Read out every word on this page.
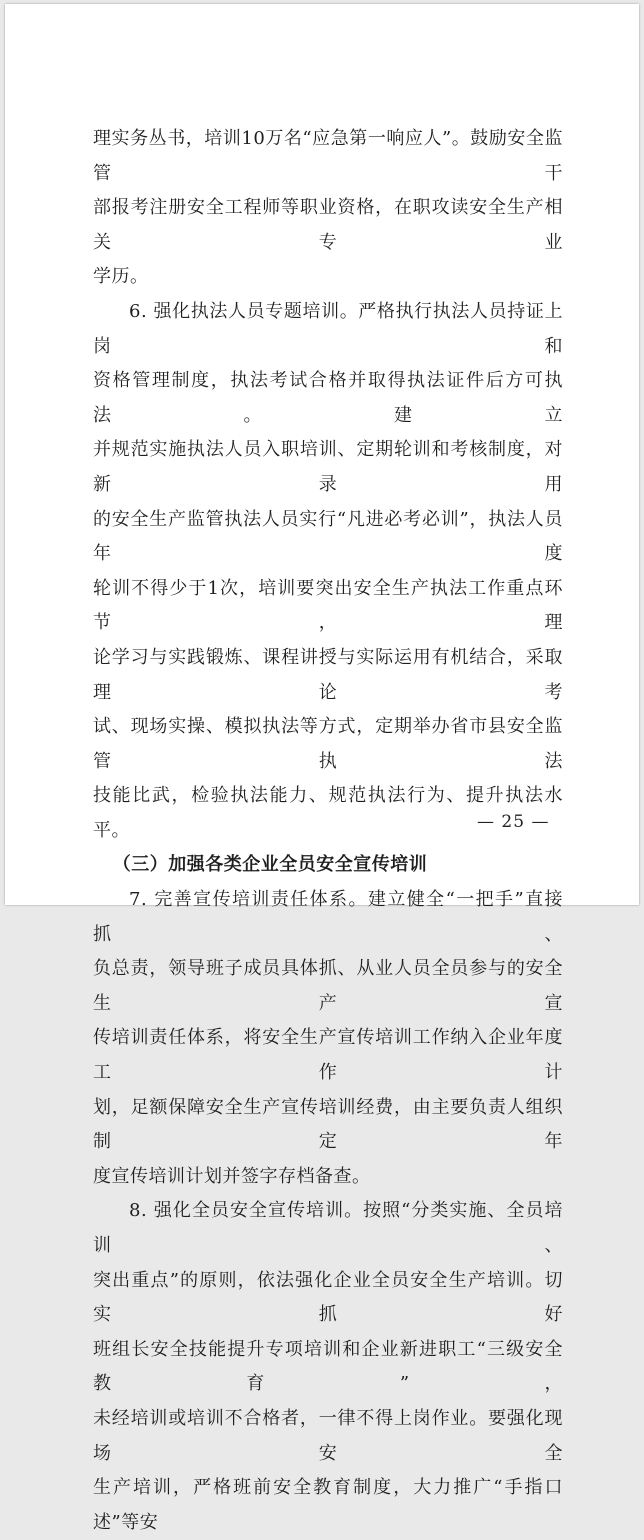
理实务丛书，培训10万名“应急第一响应人”。鼓励安全监管干

部报考注册安全工程师等职业资格，在职攻读安全生产相关专业

学历。

6. 强化执法人员专题培训。严格执行执法人员持证上岗和

资格管理制度，执法考试合格并取得执法证件后方可执法。建立

并规范实施执法人员入职培训、定期轮训和考核制度，对新录用

的安全生产监管执法人员实行“凡进必考必训”，执法人员年度

轮训不得少于1次，培训要突出安全生产执法工作重点环节，理

论学习与实践锻炼、课程讲授与实际运用有机结合，采取理论考

试、现场实操、模拟执法等方式，定期举办省市县安全监管执法

技能比武，检验执法能力、规范执法行为、提升执法水平。

（三）加强各类企业全员安全宣传培训

7. 完善宣传培训责任体系。建立健全“一把手”直接抓、

负总责，领导班子成员具体抓、从业人员全员参与的安全生产宣

传培训责任体系，将安全生产宣传培训工作纳入企业年度工作计

划，足额保障安全生产宣传培训经费，由主要负责人组织制定年

度宣传培训计划并签字存档备查。

8. 强化全员安全宣传培训。按照“分类实施、全员培训、

突出重点”的原则，依法强化企业全员安全生产培训。切实抓好

班组长安全技能提升专项培训和企业新进职工“三级安全教育”，

未经培训或培训不合格者，一律不得上岗作业。要强化现场安全

生产培训，严格班前安全教育制度，大力推广“手指口述”等安

— 25 —
